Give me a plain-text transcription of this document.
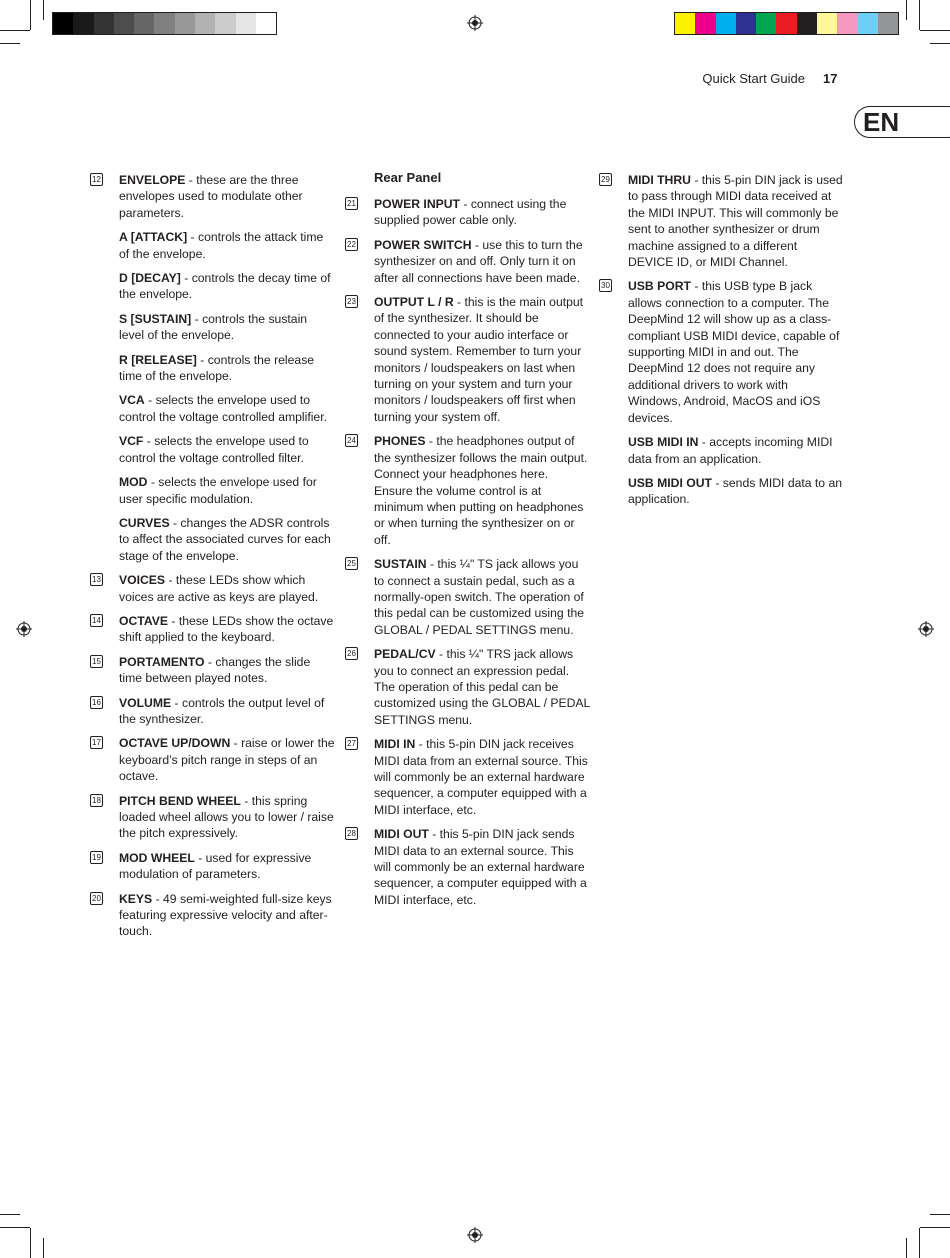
Quick Start Guide 17
EN
12 ENVELOPE - these are the three envelopes used to modulate other parameters.

A [ATTACK] - controls the attack time of the envelope.

D [DECAY] - controls the decay time of the envelope.

S [SUSTAIN] - controls the sustain level of the envelope.

R [RELEASE] - controls the release time of the envelope.

VCA - selects the envelope used to control the voltage controlled amplifier.

VCF - selects the envelope used to control the voltage controlled filter.

MOD - selects the envelope used for user specific modulation.

CURVES - changes the ADSR controls to affect the associated curves for each stage of the envelope.

13 VOICES - these LEDs show which voices are active as keys are played.

14 OCTAVE - these LEDs show the octave shift applied to the keyboard.

15 PORTAMENTO - changes the slide time between played notes.

16 VOLUME - controls the output level of the synthesizer.

17 OCTAVE UP/DOWN - raise or lower the keyboard’s pitch range in steps of an octave.

18 PITCH BEND WHEEL - this spring loaded wheel allows you to lower / raise the pitch expressively.

19 MOD WHEEL - used for expressive modulation of parameters.

20 KEYS - 49 semi-weighted full-size keys featuring expressive velocity and after-touch.

Rear Panel
21 POWER INPUT - connect using the supplied power cable only.

22 POWER SWITCH - use this to turn the synthesizer on and off. Only turn it on after all connections have been made.

23 OUTPUT L / R - this is the main output of the synthesizer. It should be connected to your audio interface or sound system. Remember to turn your monitors / loudspeakers on last when turning on your system and turn your monitors / loudspeakers off first when turning your system off.

24 PHONES - the headphones output of the synthesizer follows the main output. Connect your headphones here. Ensure the volume control is at minimum when putting on headphones or when turning the synthesizer on or off.

25 SUSTAIN - this ¼" TS jack allows you to connect a sustain pedal, such as a normally-open switch. The operation of this pedal can be customized using the GLOBAL / PEDAL SETTINGS menu.

26 PEDAL/CV - this ¼" TRS jack allows you to connect an expression pedal. The operation of this pedal can be customized using the GLOBAL / PEDAL SETTINGS menu.

27 MIDI IN - this 5-pin DIN jack receives MIDI data from an external source. This will commonly be an external hardware sequencer, a computer equipped with a MIDI interface, etc.

28 MIDI OUT - this 5-pin DIN jack sends MIDI data to an external source. This will commonly be an external hardware sequencer, a computer equipped with a MIDI interface, etc.

29 MIDI THRU - this 5-pin DIN jack is used to pass through MIDI data received at the MIDI INPUT. This will commonly be sent to another synthesizer or drum machine assigned to a different DEVICE ID, or MIDI Channel.

30 USB PORT - this USB type B jack allows connection to a computer. The DeepMind 12 will show up as a class-compliant USB MIDI device, capable of supporting MIDI in and out. The DeepMind 12 does not require any additional drivers to work with Windows, Android, MacOS and iOS devices.

USB MIDI IN - accepts incoming MIDI data from an application.

USB MIDI OUT - sends MIDI data to an application.
